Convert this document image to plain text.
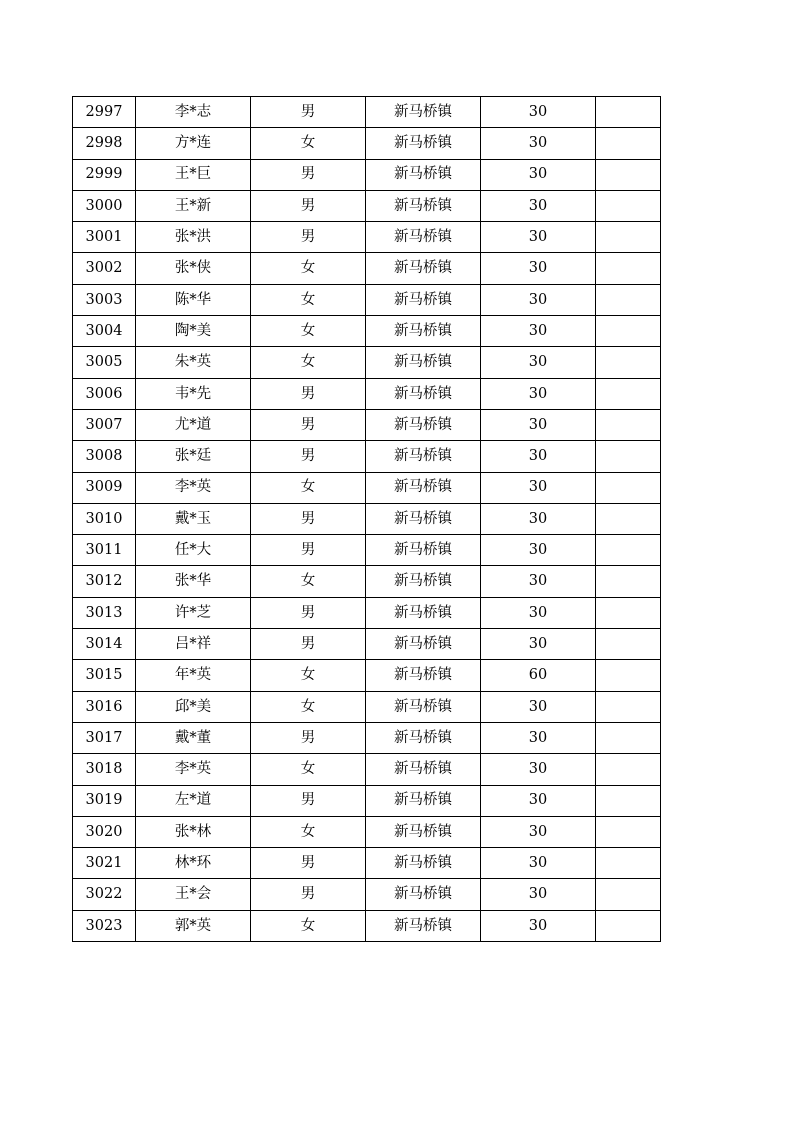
2997	李*志	男	新马桥镇	30	
2998	方*连	女	新马桥镇	30	
2999	王*巨	男	新马桥镇	30	
3000	王*新	男	新马桥镇	30	
3001	张*洪	男	新马桥镇	30	
3002	张*侠	女	新马桥镇	30	
3003	陈*华	女	新马桥镇	30	
3004	陶*美	女	新马桥镇	30	
3005	朱*英	女	新马桥镇	30	
3006	韦*先	男	新马桥镇	30	
3007	尤*道	男	新马桥镇	30	
3008	张*廷	男	新马桥镇	30	
3009	李*英	女	新马桥镇	30	
3010	戴*玉	男	新马桥镇	30	
3011	任*大	男	新马桥镇	30	
3012	张*华	女	新马桥镇	30	
3013	许*芝	男	新马桥镇	30	
3014	吕*祥	男	新马桥镇	30	
3015	年*英	女	新马桥镇	60	
3016	邱*美	女	新马桥镇	30	
3017	戴*董	男	新马桥镇	30	
3018	李*英	女	新马桥镇	30	
3019	左*道	男	新马桥镇	30	
3020	张*林	女	新马桥镇	30	
3021	林*环	男	新马桥镇	30	
3022	王*会	男	新马桥镇	30	
3023	郭*英	女	新马桥镇	30	
